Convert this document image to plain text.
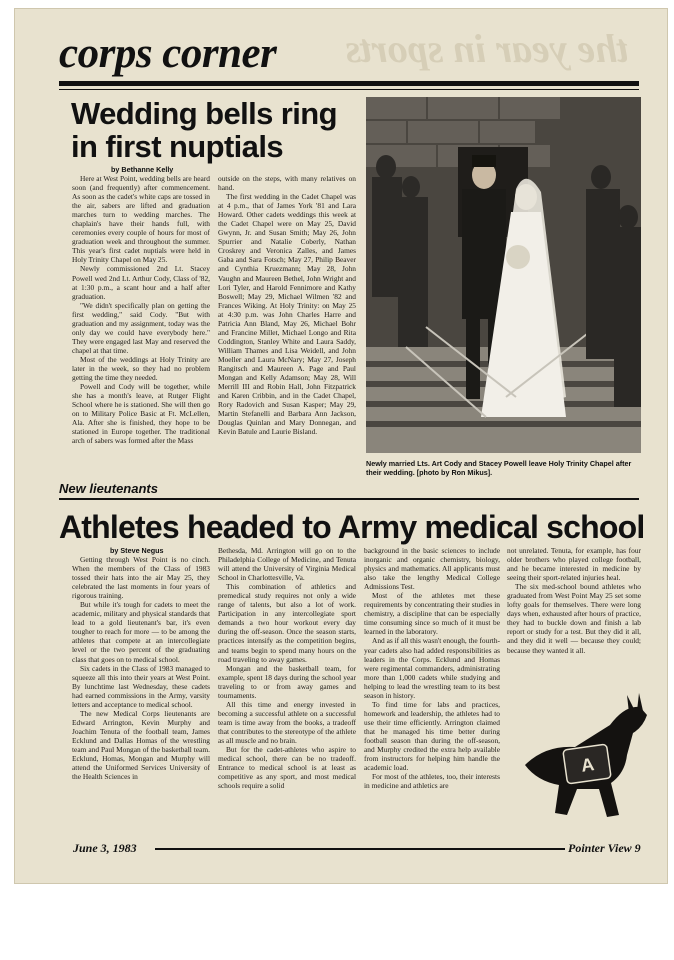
the year in sports
corps corner
Wedding bells ring in first nuptials
by Bethanne Kelly

Here at West Point, wedding bells are heard soon (and frequently) after commencement. As soon as the cadet's white caps are tossed in the air, sabers are lifted and graduation marches turn to wedding marches. The chaplain's have their hands full, with ceremonies every couple of hours for most of graduation week and throughout the summer. This year's first cadet nuptials were held in Holy Trinity Chapel on May 25.

Newly commissioned 2nd Lt. Stacey Powell wed 2nd Lt. Arthur Cody, Class of '82, at 1:30 p.m., a scant hour and a half after graduation.

"We didn't specifically plan on getting the first wedding," said Cody. "But with graduation and my assignment, today was the only day we could have everybody here." They were engaged last May and reserved the chapel at that time.

Most of the weddings at Holy Trinity are later in the week, so they had no problem getting the time they needed.

Powell and Cody will be together, while she has a month's leave, at Rutger Flight School where he is stationed. She will then go on to Military Police Basic at Ft. McLellen, Ala. After she is finished, they hope to be stationed in Europe together. The traditional arch of sabers was formed after the Mass

outside on the steps, with many relatives on hand.

The first wedding in the Cadet Chapel was at 4 p.m., that of James York '81 and Lara Howard. Other cadets weddings this week at the Cadet Chapel were on May 25, David Gwynn, Jr. and Susan Smith; May 26, John Spurrier and Natalie Coberly, Nathan Croskrey and Veronica Zalles, and James Gaba and Sara Fotsch; May 27, Philip Beaver and Cynthia Kruezmann; May 28, John Vaughn and Maureen Bethel, John Wright and Lori Tyler, and Harold Fennimore and Kathy Boswell; May 29, Michael Wilmen '82 and Frances Wiking. At Holy Trinity: on May 25 at 4:30 p.m. was John Charles Harre and Patricia Ann Bland, May 26, Michael Bohr and Francine Millet, Michael Longo and Rita Coddington, Stanley White and Laura Saddy, William Thames and Lisa Weidell, and John Moeller and Laura McNary; May 27, Joseph Rangitsch and Maureen A. Page and Paul Mongan and Kelly Adamson; May 28, Will Merrill III and Robin Hall, John Fitzpatrick and Karen Cribbin, and in the Cadet Chapel, Rory Radovich and Susan Kasper; May 29, Martin Stefanelli and Barbara Ann Jackson, Douglas Quinlan and Mary Donnegan, and Kevin Batule and Laurie Bisland.

Newly married Lts. Art Cody and Stacey Powell leave Holy Trinity Chapel after their wedding. [photo by Ron Mikus].
New lieutenants
Athletes headed to Army medical school
by Steve Negus

Getting through West Point is no cinch. When the members of the Class of 1983 tossed their hats into the air May 25, they celebrated the last moments in four years of rigorous training.

But while it's tough for cadets to meet the academic, military and physical standards that lead to a gold lieutenant's bar, it's even tougher to reach for more — to be among the athletes that compete at an intercollegiate level or the two percent of the graduating class that goes on to medical school.

Six cadets in the Class of 1983 managed to squeeze all this into their years at West Point. By lunchtime last Wednesday, these cadets had earned commissions in the Army, varsity letters and acceptance to medical school.

The new Medical Corps lieutenants are Edward Arrington, Kevin Murphy and Joachim Tenuta of the football team, James Ecklund and Dallas Homas of the wrestling team and Paul Mongan of the basketball team. Ecklund, Homas, Mongan and Murphy will attend the Uniformed Services University of the Health Sciences in

Bethesda, Md. Arrington will go on to the Philadelphia College of Medicine, and Tenuta will attend the University of Virginia Medical School in Charlottesville, Va.

This combination of athletics and premedical study requires not only a wide range of talents, but also a lot of work. Participation in any intercollegiate sport demands a two hour workout every day during the off-season. Once the season starts, practices intensify as the competition begins, and teams begin to spend many hours on the road traveling to away games.

Mongan and the basketball team, for example, spent 18 days during the school year traveling to or from away games and tournaments.

All this time and energy invested in becoming a successful athlete on a successful team is time away from the books, a tradeoff that contributes to the stereotype of the athlete as all muscle and no brain.

But for the cadet-athletes who aspire to medical school, there can be no tradeoff. Entrance to medical school is at least as competitive as any sport, and most medical schools require a solid

background in the basic sciences to include inorganic and organic chemistry, biology, physics and mathematics. All applicants must also take the lengthy Medical College Admissions Test.

Most of the athletes met these requirements by concentrating their studies in chemistry, a discipline that can be especially time consuming since so much of it must be learned in the laboratory.

And as if all this wasn't enough, the fourth-year cadets also had added responsibilities as leaders in the Corps. Ecklund and Homas were regimental commanders, administrating more than 1,000 cadets while studying and helping to lead the wrestling team to its best season in history.

To find time for labs and practices, homework and leadership, the athletes had to use their time efficiently. Arrington claimed that he managed his time better during football season than during the off-season, and Murphy credited the extra help available from instructors for helping him handle the academic load.

For most of the athletes, too, their interests in medicine and athletics are

not unrelated. Tenuta, for example, has four older brothers who played college football, and he became interested in medicine by seeing their sport-related injuries heal.

The six med-school bound athletes who graduated from West Point May 25 set some lofty goals for themselves. There were long days when, exhausted after hours of practice, they had to buckle down and finish a lab report or study for a test. But they did it all, and they did it well — because they could; because they wanted it all.

A
June 3, 1983	Pointer View 9
